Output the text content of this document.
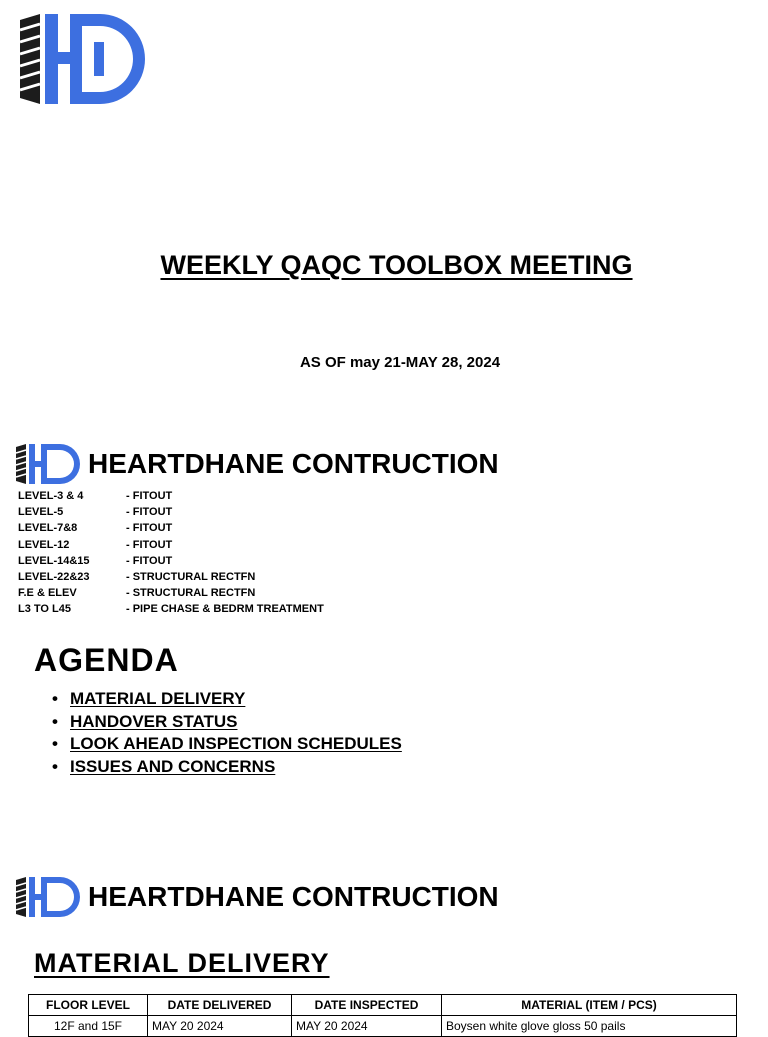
WEEKLY QAQC TOOLBOX MEETING
AS OF may 21-MAY 28, 2024
HEARTDHANE CONTRUCTION
LEVEL-3 & 4	- FITOUT
LEVEL-5	- FITOUT
LEVEL-7&8	- FITOUT
LEVEL-12	- FITOUT
LEVEL-14&15	- FITOUT
LEVEL-22&23	- STRUCTURAL RECTFN
F.E & ELEV	- STRUCTURAL RECTFN
L3 TO L45	- PIPE CHASE & BEDRM TREATMENT
AGENDA
• MATERIAL DELIVERY
• HANDOVER STATUS
• LOOK AHEAD INSPECTION SCHEDULES
• ISSUES AND CONCERNS
HEARTDHANE CONTRUCTION
MATERIAL DELIVERY
FLOOR LEVEL	DATE DELIVERED	DATE INSPECTED	MATERIAL (ITEM / PCS)
12F and 15F	MAY 20 2024	MAY 20 2024	Boysen white glove gloss 50 pails
